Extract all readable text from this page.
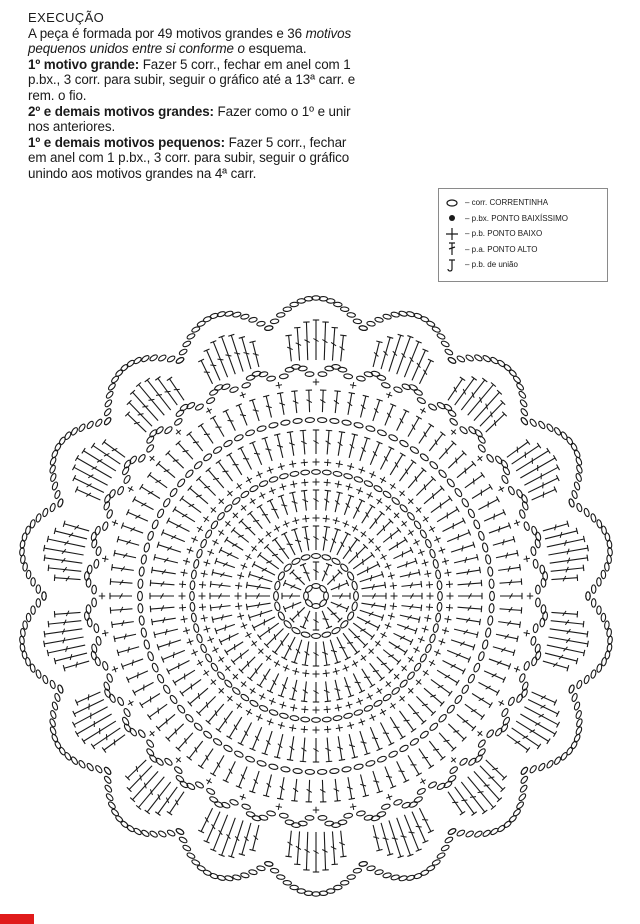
EXECUÇÃO

A peça é formada por 49 motivos grandes e 36 motivos pequenos unidos entre si conforme o esquema.

1º motivo grande: Fazer 5 corr., fechar em anel com 1 p.bx., 3 corr. para subir, seguir o gráfico até a 13ª carr. e rem. o fio.

2º e demais motivos grandes: Fazer como o 1º e unir nos anteriores.

1º e demais motivos pequenos: Fazer 5 corr., fechar em anel com 1 p.bx., 3 corr. para subir, seguir o gráfico unindo aos motivos grandes na 4ª carr.

– corr. CORRENTINHA
– p.bx. PONTO BAIXÍSSIMO
– p.b. PONTO BAIXO
– p.a. PONTO ALTO
– p.b. de união
